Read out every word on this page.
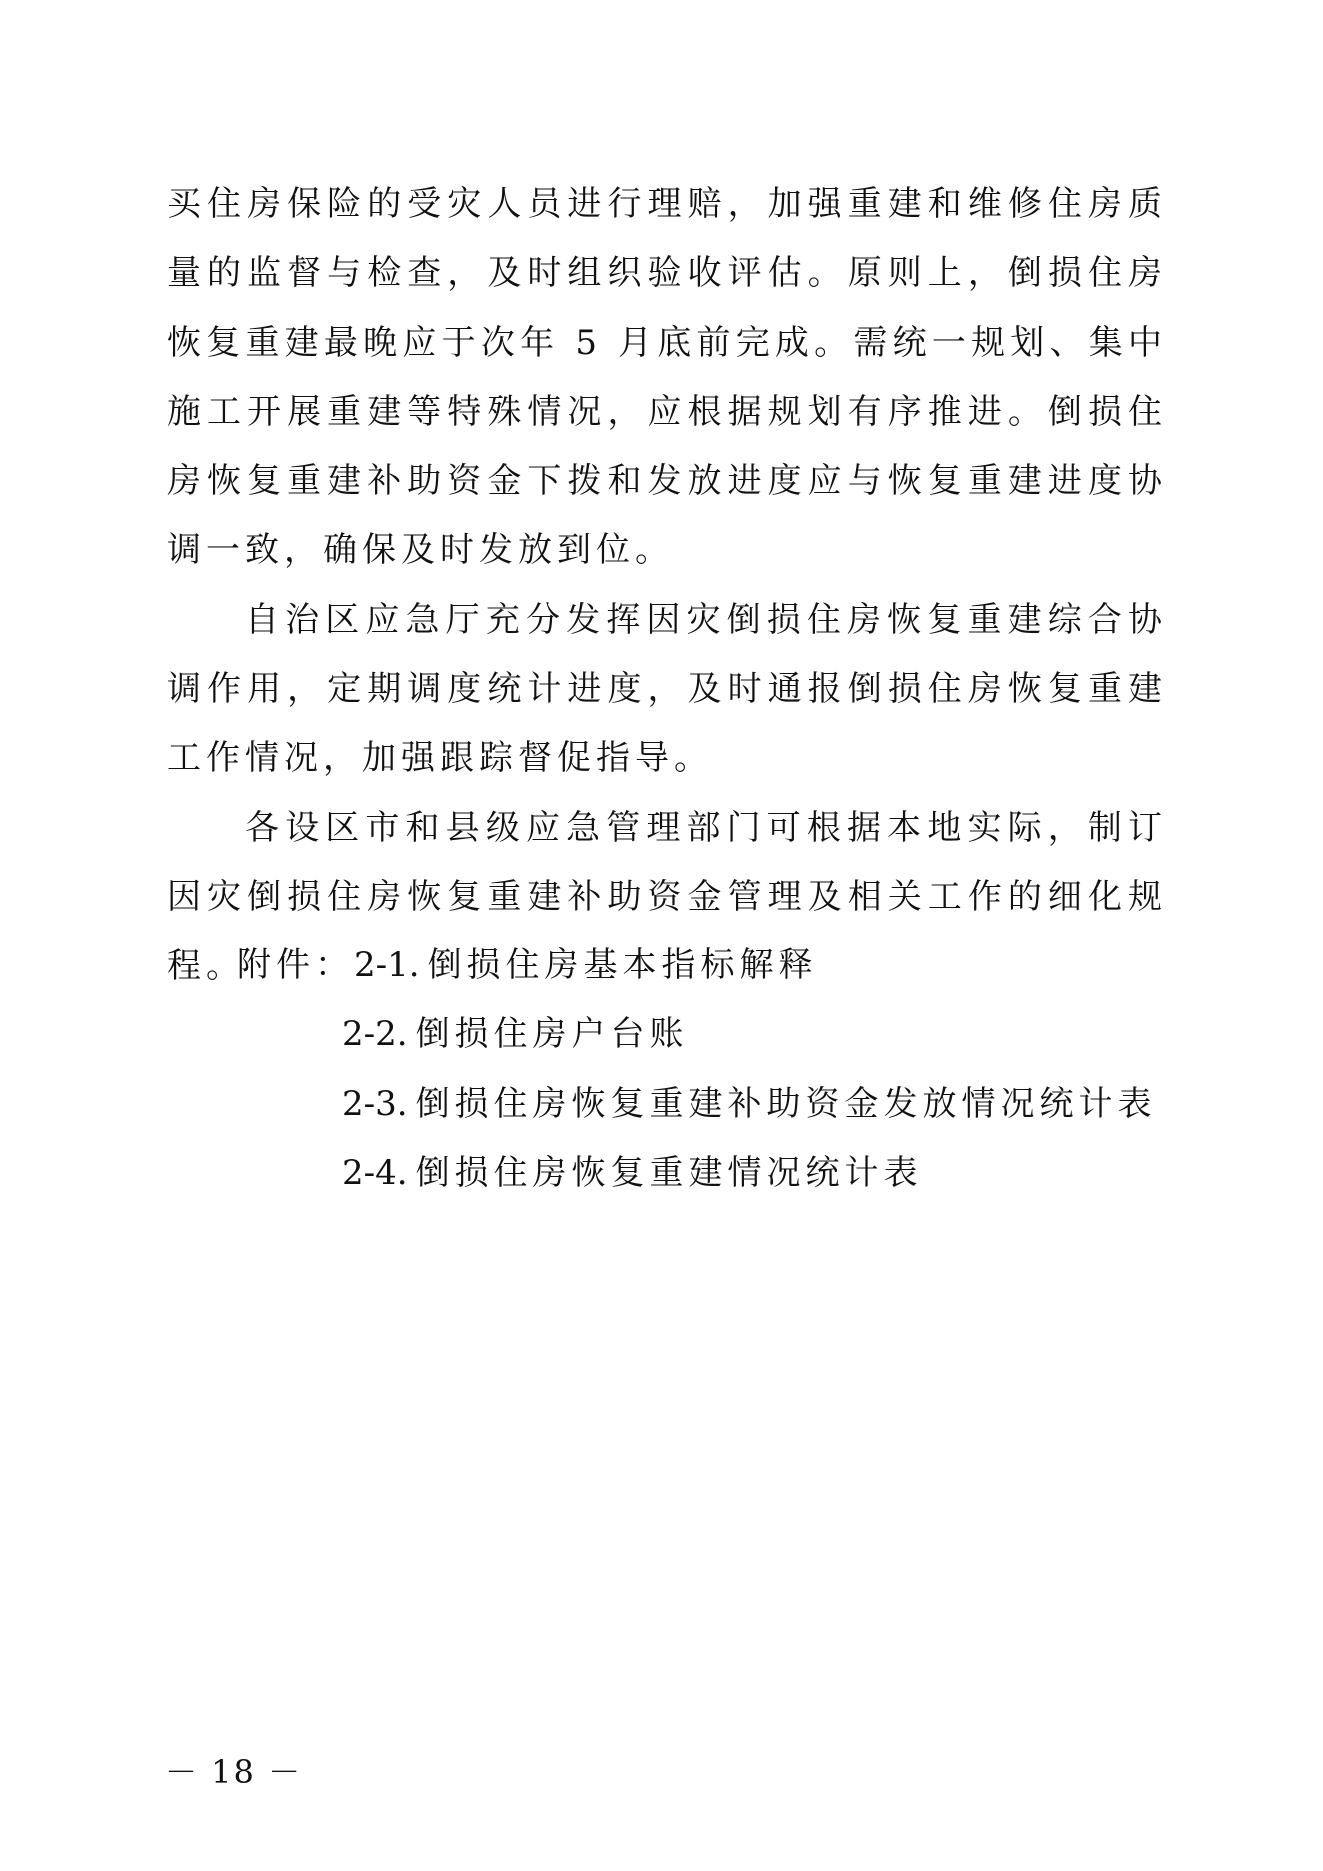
买住房保险的受灾人员进行理赔，加强重建和维修住房质量的监督与检查，及时组织验收评估。原则上，倒损住房恢复重建最晚应于次年 5 月底前完成。需统一规划、集中施工开展重建等特殊情况，应根据规划有序推进。倒损住房恢复重建补助资金下拨和发放进度应与恢复重建进度协调一致，确保及时发放到位。

自治区应急厅充分发挥因灾倒损住房恢复重建综合协调作用，定期调度统计进度，及时通报倒损住房恢复重建工作情况，加强跟踪督促指导。

各设区市和县级应急管理部门可根据本地实际，制订因灾倒损住房恢复重建补助资金管理及相关工作的细化规程。

附件：2-1. 倒损住房基本指标解释
2-2. 倒损住房户台账
2-3. 倒损住房恢复重建补助资金发放情况统计表
2-4. 倒损住房恢复重建情况统计表
－ 18 －
